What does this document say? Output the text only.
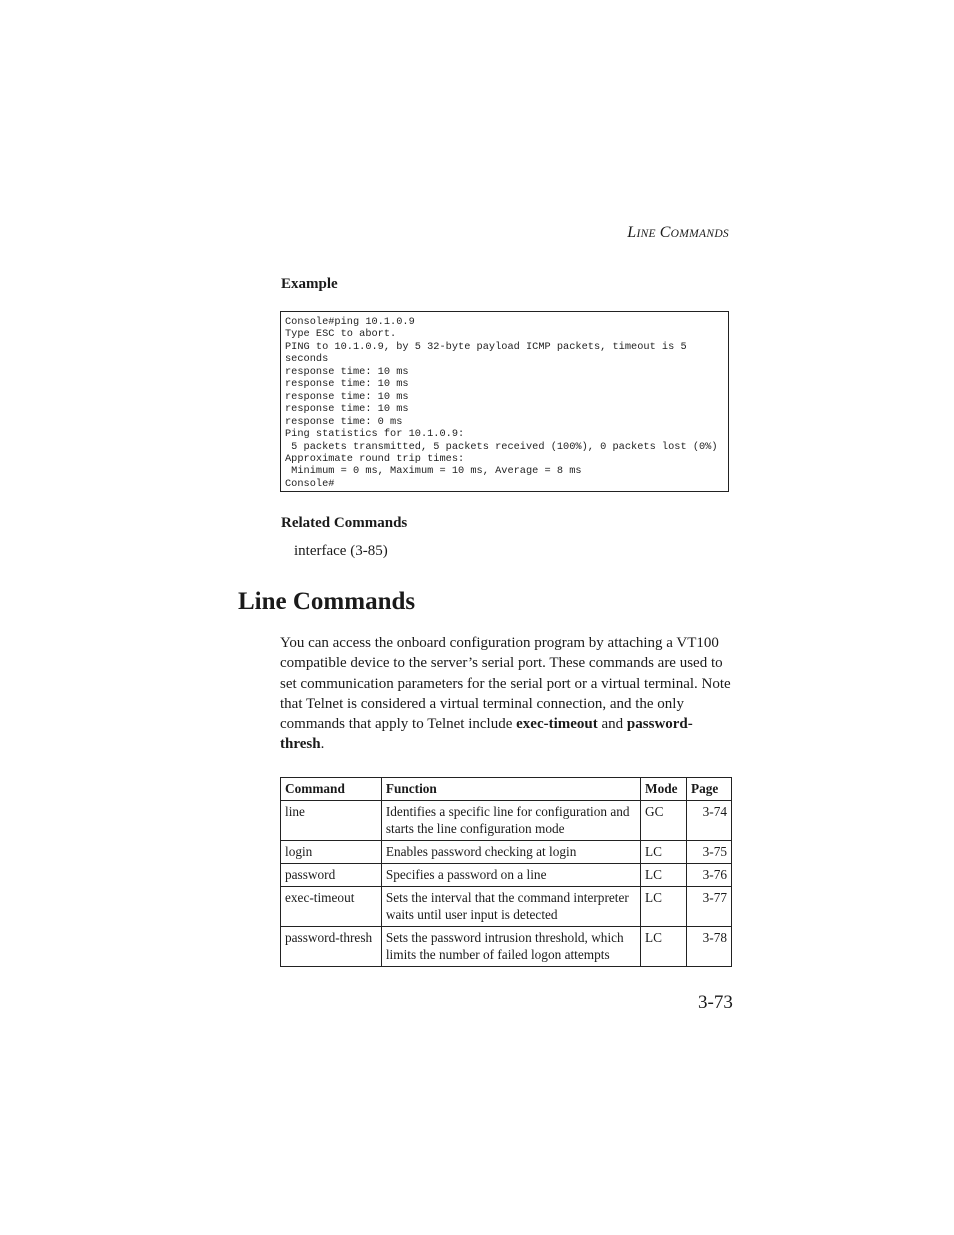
LINE COMMANDS
Example
Console#ping 10.1.0.9
Type ESC to abort.
PING to 10.1.0.9, by 5 32-byte payload ICMP packets, timeout is 5
seconds
response time: 10 ms
response time: 10 ms
response time: 10 ms
response time: 10 ms
response time: 0 ms
Ping statistics for 10.1.0.9:
5 packets transmitted, 5 packets received (100%), 0 packets lost (0%)
Approximate round trip times:
Minimum = 0 ms, Maximum = 10 ms, Average = 8 ms
Console#
Related Commands
interface (3-85)
Line Commands
You can access the onboard configuration program by attaching a VT100 compatible device to the server’s serial port. These commands are used to set communication parameters for the serial port or a virtual terminal. Note that Telnet is considered a virtual terminal connection, and the only commands that apply to Telnet include exec-timeout and password-thresh.
Command	Function	Mode	Page
line	Identifies a specific line for configuration and starts the line configuration mode	GC	3-74
login	Enables password checking at login	LC	3-75
password	Specifies a password on a line	LC	3-76
exec-timeout	Sets the interval that the command interpreter waits until user input is detected	LC	3-77
password-thresh	Sets the password intrusion threshold, which limits the number of failed logon attempts	LC	3-78
3-73
